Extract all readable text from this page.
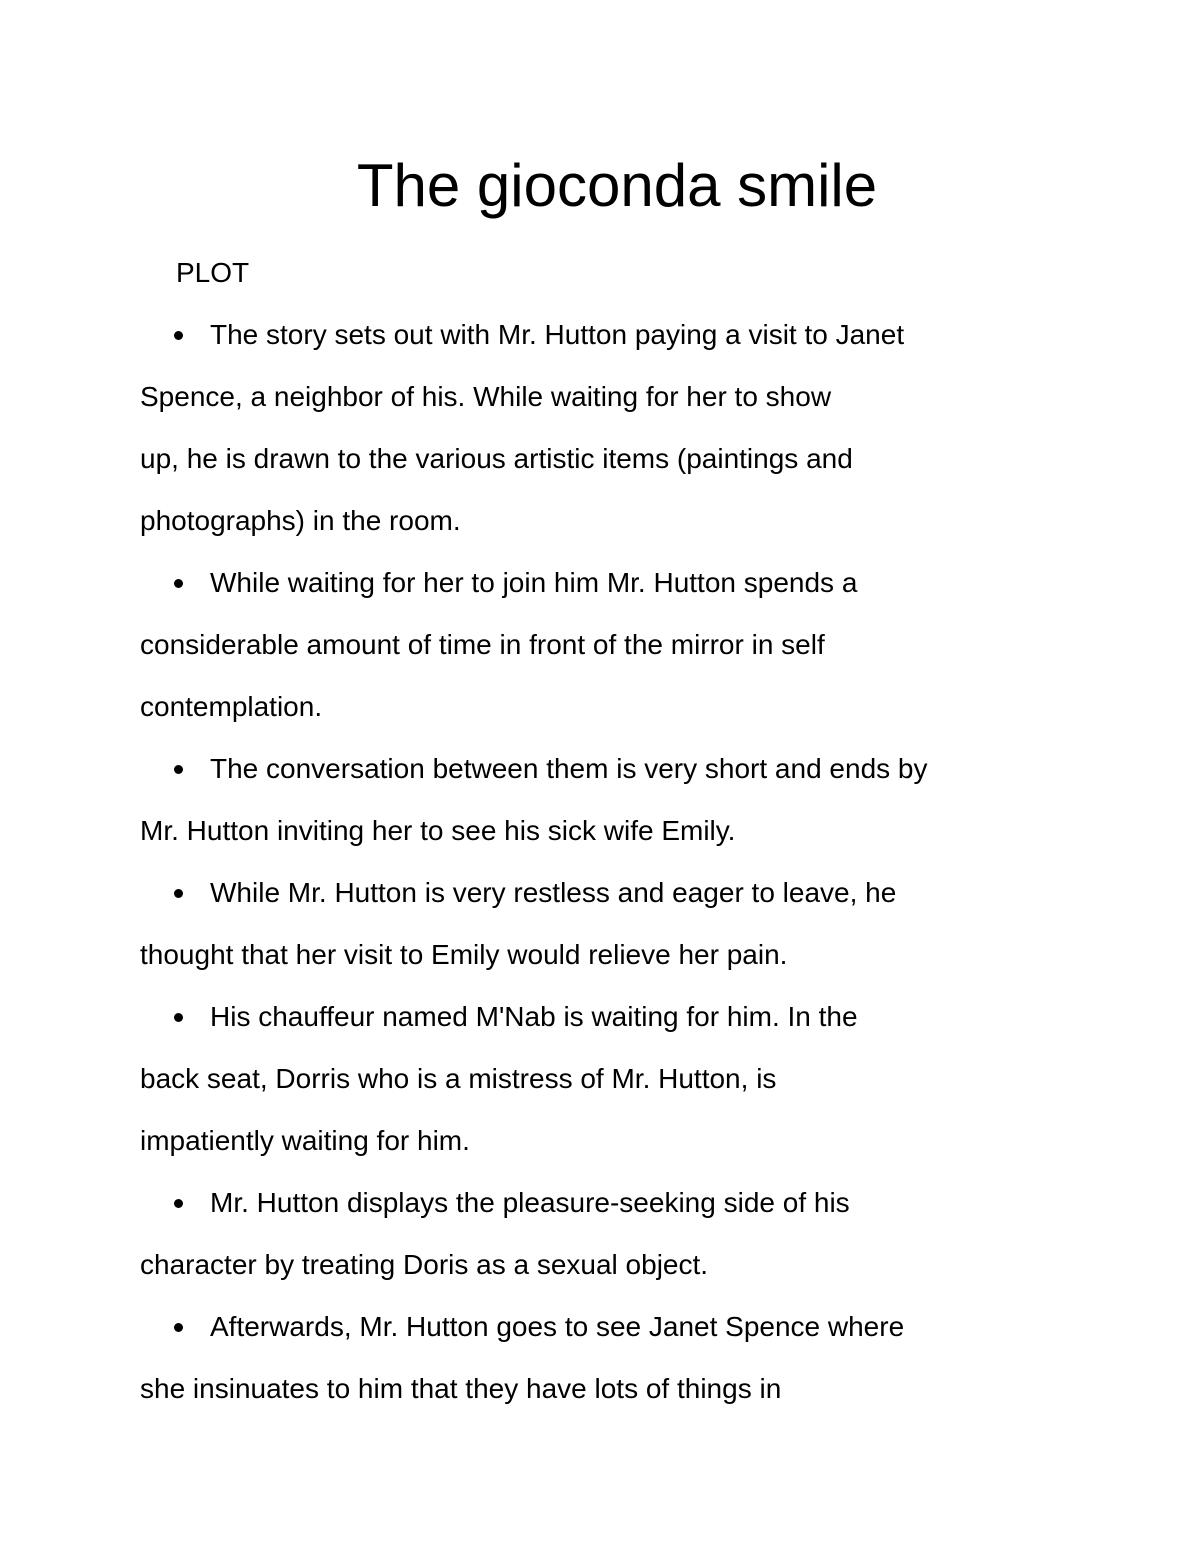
The gioconda smile
PLOT
The story sets out with Mr. Hutton paying a visit to Janet
Spence, a neighbor of his. While waiting for her to show
up, he is drawn to the various artistic items (paintings and
photographs) in the room.
While waiting for her to join him Mr. Hutton spends a
considerable amount of time in front of the mirror in self
contemplation.
The conversation between them is very short and ends by
Mr. Hutton inviting her to see his sick wife Emily.
While Mr. Hutton is very restless and eager to leave, he
thought that her visit to Emily would relieve her pain.
His chauffeur named M'Nab is waiting for him. In the
back seat, Dorris who is a mistress of Mr. Hutton, is
impatiently waiting for him.
Mr. Hutton displays the pleasure-seeking side of his
character by treating Doris as a sexual object.
Afterwards, Mr. Hutton goes to see Janet Spence where
she insinuates to him that they have lots of things in
